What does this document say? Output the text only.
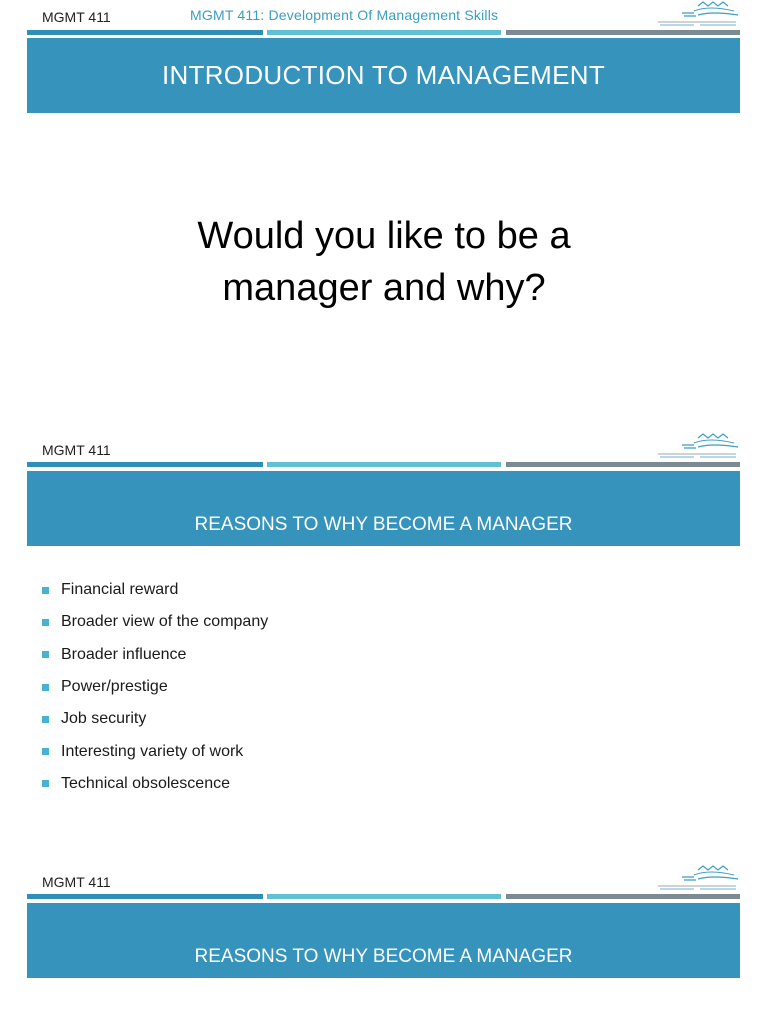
MGMT 411	MGMT 411: Development Of Management Skills
INTRODUCTION TO MANAGEMENT
Would you like to be a
manager and why?
MGMT 411
REASONS TO WHY BECOME A MANAGER
Financial reward
Broader view of the company
Broader influence
Power/prestige
Job security
Interesting variety of work
Technical obsolescence
MGMT 411
REASONS TO WHY BECOME A MANAGER
